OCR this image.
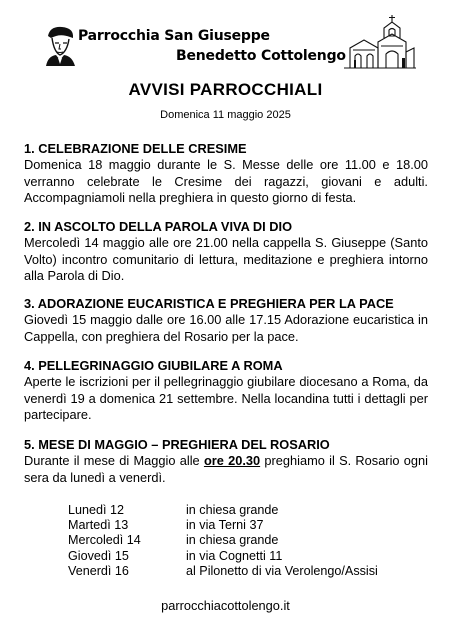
Parrocchia San Giuseppe
Benedetto Cottolengo
AVVISI PARROCCHIALI
Domenica 11 maggio 2025
1. CELEBRAZIONE DELLE CRESIME

Domenica 18 maggio durante le S. Messe delle ore 11.00 e 18.00 verranno celebrate le Cresime dei ragazzi, giovani e adulti. Accompagniamoli nella preghiera in questo giorno di festa.

2. IN ASCOLTO DELLA PAROLA VIVA DI DIO

Mercoledì 14 maggio alle ore 21.00 nella cappella S. Giuseppe (Santo Volto) incontro comunitario di lettura, meditazione e preghiera intorno alla Parola di Dio.

3. ADORAZIONE EUCARISTICA E PREGHIERA PER LA PACE

Giovedì 15 maggio dalle ore 16.00 alle 17.15 Adorazione eucaristica in Cappella, con preghiera del Rosario per la pace.

4. PELLEGRINAGGIO GIUBILARE A ROMA

Aperte le iscrizioni per il pellegrinaggio giubilare diocesano a Roma, da venerdì 19 a domenica 21 settembre. Nella locandina tutti i dettagli per partecipare.

5. MESE DI MAGGIO – PREGHIERA DEL ROSARIO

Durante il mese di Maggio alle ore 20.30 preghiamo il S. Rosario ogni sera da lunedì a venerdì.

Lunedì 12	in chiesa grande
Martedì 13	in via Terni 37
Mercoledì 14	in chiesa grande
Giovedì 15	in via Cognetti 11
Venerdì 16	al Pilonetto di via Verolengo/Assisi
parrocchiacottolengo.it
